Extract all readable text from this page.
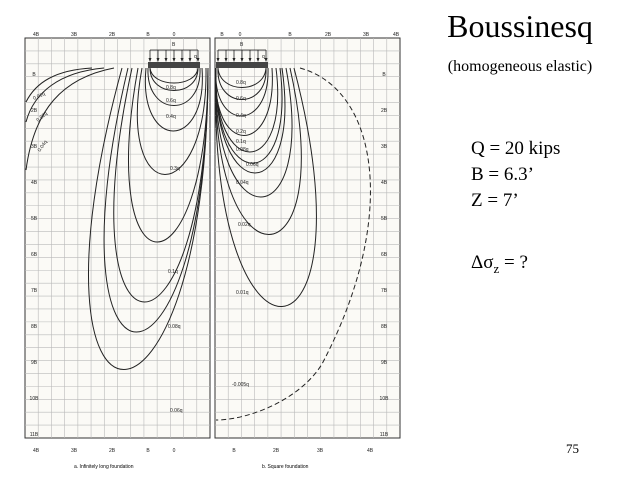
0.8q
0.6q
0.4q
0.3q
0.1q
0.08q
0.06q
0.04q
0.02q
0.01q
0.8q
0.6q
0.4q
0.2q
0.1q
0.08q
0.06q
0.04q
0.02q
0.01q
-0.005q
B	B
q	q
a. Infinitely long foundation	b. Square foundation
4B	3B	2B	B	0	B	2B	3B	4B
4B	3B	2B	B	0	B	0	B	2B	3B	4B
B	B
2B	2B
3B	3B
4B	4B
5B	5B
6B	6B
7B	7B
8B	8B
9B	9B
10B	10B
11B	11B
Boussinesq
(homogeneous elastic)
Q = 20 kips
B = 6.3’
Z = 7’
$\Delta\sigma_z$ = ?
75
